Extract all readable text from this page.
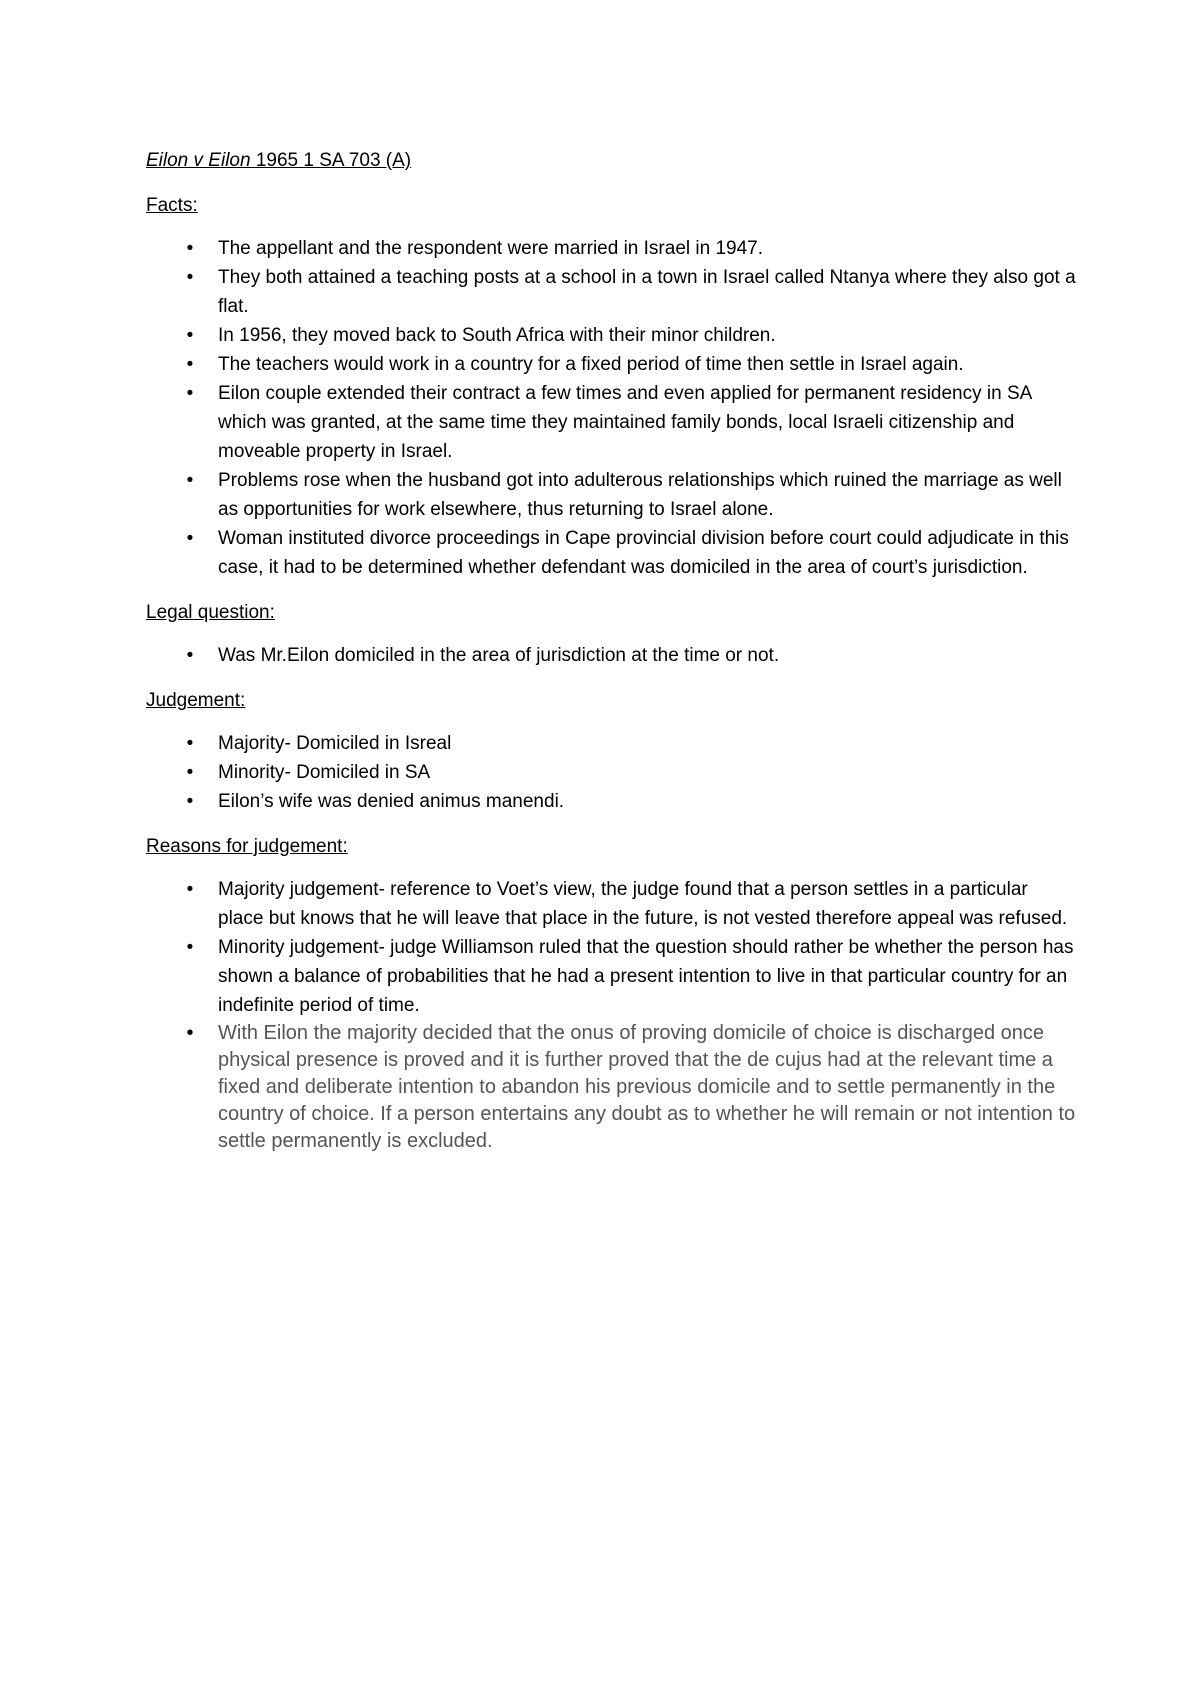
Eilon v Eilon 1965 1 SA 703 (A)

Facts:

• The appellant and the respondent were married in Israel in 1947.
• They both attained a teaching posts at a school in a town in Israel called Ntanya where they also got a flat.
• In 1956, they moved back to South Africa with their minor children.
• The teachers would work in a country for a fixed period of time then settle in Israel again.
• Eilon couple extended their contract a few times and even applied for permanent residency in SA which was granted, at the same time they maintained family bonds, local Israeli citizenship and moveable property in Israel.
• Problems rose when the husband got into adulterous relationships which ruined the marriage as well as opportunities for work elsewhere, thus returning to Israel alone.
• Woman instituted divorce proceedings in Cape provincial division before court could adjudicate in this case, it had to be determined whether defendant was domiciled in the area of court’s jurisdiction.

Legal question:

• Was Mr.Eilon domiciled in the area of jurisdiction at the time or not.

Judgement:

• Majority- Domiciled in Isreal
• Minority- Domiciled in SA
• Eilon’s wife was denied animus manendi.

Reasons for judgement:

• Majority judgement- reference to Voet’s view, the judge found that a person settles in a particular place but knows that he will leave that place in the future, is not vested therefore appeal was refused.
• Minority judgement- judge Williamson ruled that the question should rather be whether the person has shown a balance of probabilities that he had a present intention to live in that particular country for an indefinite period of time.
• With Eilon the majority decided that the onus of proving domicile of choice is discharged once physical presence is proved and it is further proved that the de cujus had at the relevant time a fixed and deliberate intention to abandon his previous domicile and to settle permanently in the country of choice. If a person entertains any doubt as to whether he will remain or not intention to settle permanently is excluded.
